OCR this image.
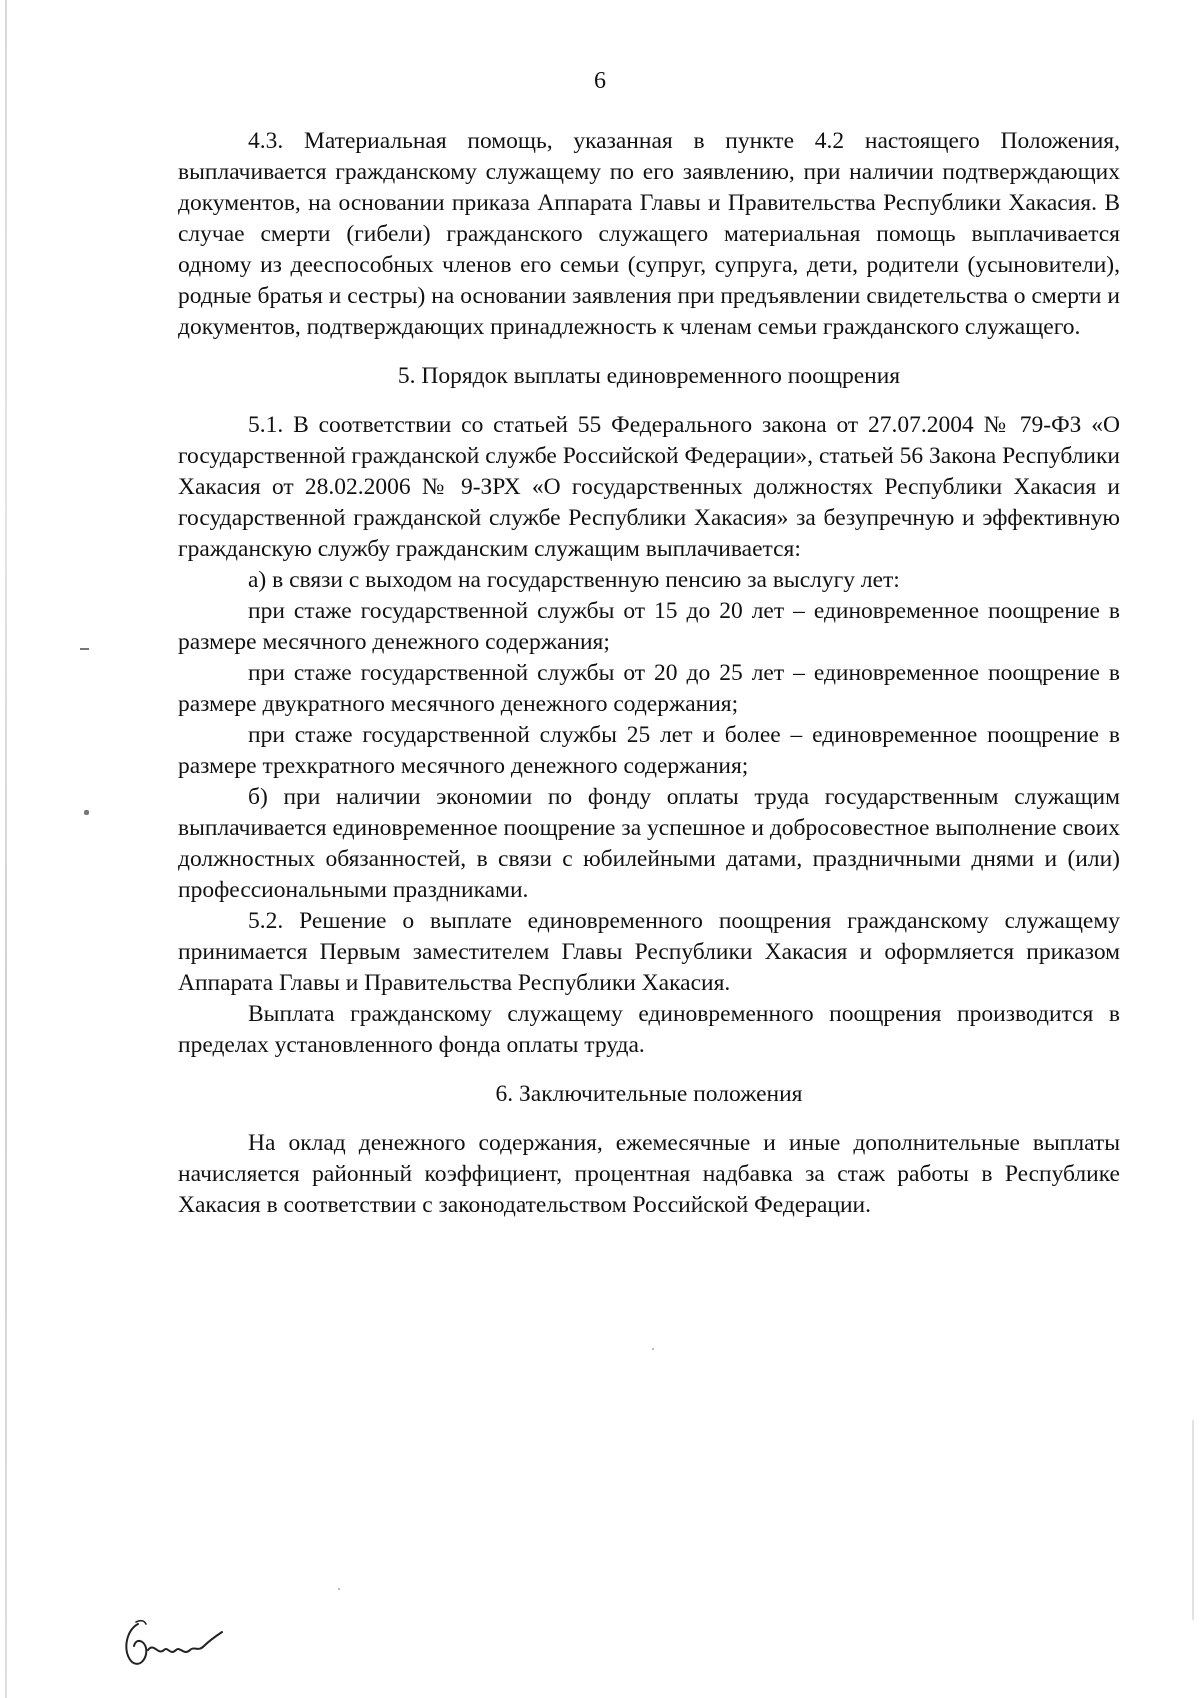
6

4.3. Материальная помощь, указанная в пункте 4.2 настоящего Положения, выплачивается гражданскому служащему по его заявлению, при наличии подтверждающих документов, на основании приказа Аппарата Главы и Правительства Республики Хакасия. В случае смерти (гибели) гражданского служащего материальная помощь выплачивается одному из дееспособных членов его семьи (супруг, супруга, дети, родители (усыновители), родные братья и сестры) на основании заявления при предъявлении свидетельства о смерти и документов, подтверждающих принадлежность к членам семьи гражданского служащего.

5. Порядок выплаты единовременного поощрения

5.1. В соответствии со статьей 55 Федерального закона от 27.07.2004 № 79-ФЗ «О государственной гражданской службе Российской Федерации», статьей 56 Закона Республики Хакасия от 28.02.2006 № 9-ЗРХ «О государственных должностях Республики Хакасия и государственной гражданской службе Республики Хакасия» за безупречную и эффективную гражданскую службу гражданским служащим выплачивается:

а) в связи с выходом на государственную пенсию за выслугу лет:

при стаже государственной службы от 15 до 20 лет – единовременное поощрение в размере месячного денежного содержания;

при стаже государственной службы от 20 до 25 лет – единовременное поощрение в размере двукратного месячного денежного содержания;

при стаже государственной службы 25 лет и более – единовременное поощрение в размере трехкратного месячного денежного содержания;

б) при наличии экономии по фонду оплаты труда государственным служащим выплачивается единовременное поощрение за успешное и добросовестное выполнение своих должностных обязанностей, в связи с юбилейными датами, праздничными днями и (или) профессиональными праздниками.

5.2. Решение о выплате единовременного поощрения гражданскому служащему принимается Первым заместителем Главы Республики Хакасия и оформляется приказом Аппарата Главы и Правительства Республики Хакасия.

Выплата гражданскому служащему единовременного поощрения производится в пределах установленного фонда оплаты труда.

6. Заключительные положения

На оклад денежного содержания, ежемесячные и иные дополнительные выплаты начисляется районный коэффициент, процентная надбавка за стаж работы в Республике Хакасия в соответствии с законодательством Российской Федерации.
